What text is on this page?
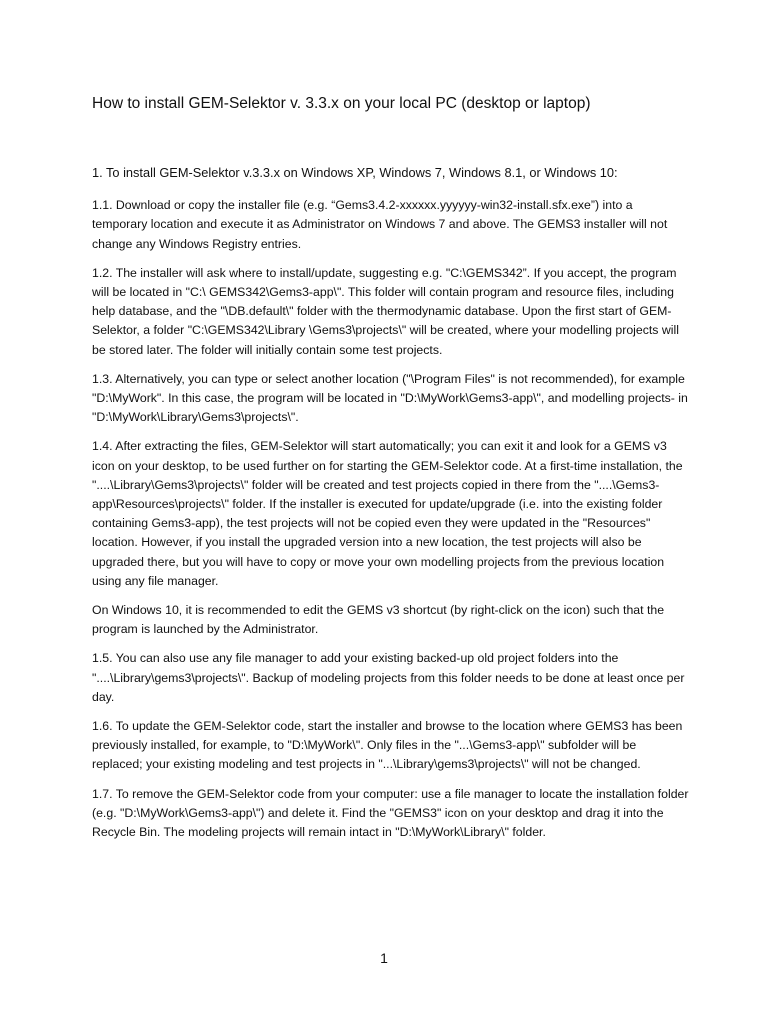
How to install GEM-Selektor v. 3.3.x on your local PC (desktop or laptop)

1. To install GEM-Selektor v.3.3.x on Windows XP, Windows 7, Windows 8.1, or Windows 10:

1.1. Download or copy the installer file (e.g. “Gems3.4.2-xxxxxx.yyyyyy-win32-install.sfx.exe”) into a temporary location and execute it as Administrator on Windows 7 and above. The GEMS3 installer will not change any Windows Registry entries.

1.2. The installer will ask where to install/update, suggesting e.g. "C:\GEMS342”. If you accept, the program will be located in "C:\ GEMS342\Gems3-app\". This folder will contain program and resource files, including help database, and the "\DB.default\" folder with the thermodynamic database. Upon the first start of GEM-Selektor, a folder "C:\GEMS342\Library \Gems3\projects\" will be created, where your modelling projects will be stored later. The folder will initially contain some test projects.

1.3. Alternatively, you can type or select another location ("\Program Files" is not recommended), for example "D:\MyWork". In this case, the program will be located in "D:\MyWork\Gems3-app\", and modelling projects- in "D:\MyWork\Library\Gems3\projects\".

1.4. After extracting the files, GEM-Selektor will start automatically; you can exit it and look for a GEMS v3 icon on your desktop, to be used further on for starting the GEM-Selektor code. At a first-time installation, the "....\Library\Gems3\projects\" folder will be created and test projects copied in there from the "....\Gems3-app\Resources\projects\" folder. If the installer is executed for update/upgrade (i.e. into the existing folder containing Gems3-app), the test projects will not be copied even they were updated in the "Resources" location. However, if you install the upgraded version into a new location, the test projects will also be upgraded there, but you will have to copy or move your own modelling projects from the previous location using any file manager.

On Windows 10, it is recommended to edit the GEMS v3 shortcut (by right-click on the icon) such that the program is launched by the Administrator.

1.5. You can also use any file manager to add your existing backed-up old project folders into the "....\Library\gems3\projects\". Backup of modeling projects from this folder needs to be done at least once per day.

1.6. To update the GEM-Selektor code, start the installer and browse to the location where GEMS3 has been previously installed, for example, to "D:\MyWork\". Only files in the "...\Gems3-app\" subfolder will be replaced; your existing modeling and test projects in "...\Library\gems3\projects\" will not be changed.

1.7. To remove the GEM-Selektor code from your computer: use a file manager to locate the installation folder (e.g. "D:\MyWork\Gems3-app\") and delete it. Find the "GEMS3" icon on your desktop and drag it into the Recycle Bin. The modeling projects will remain intact in "D:\MyWork\Library\" folder.

1
